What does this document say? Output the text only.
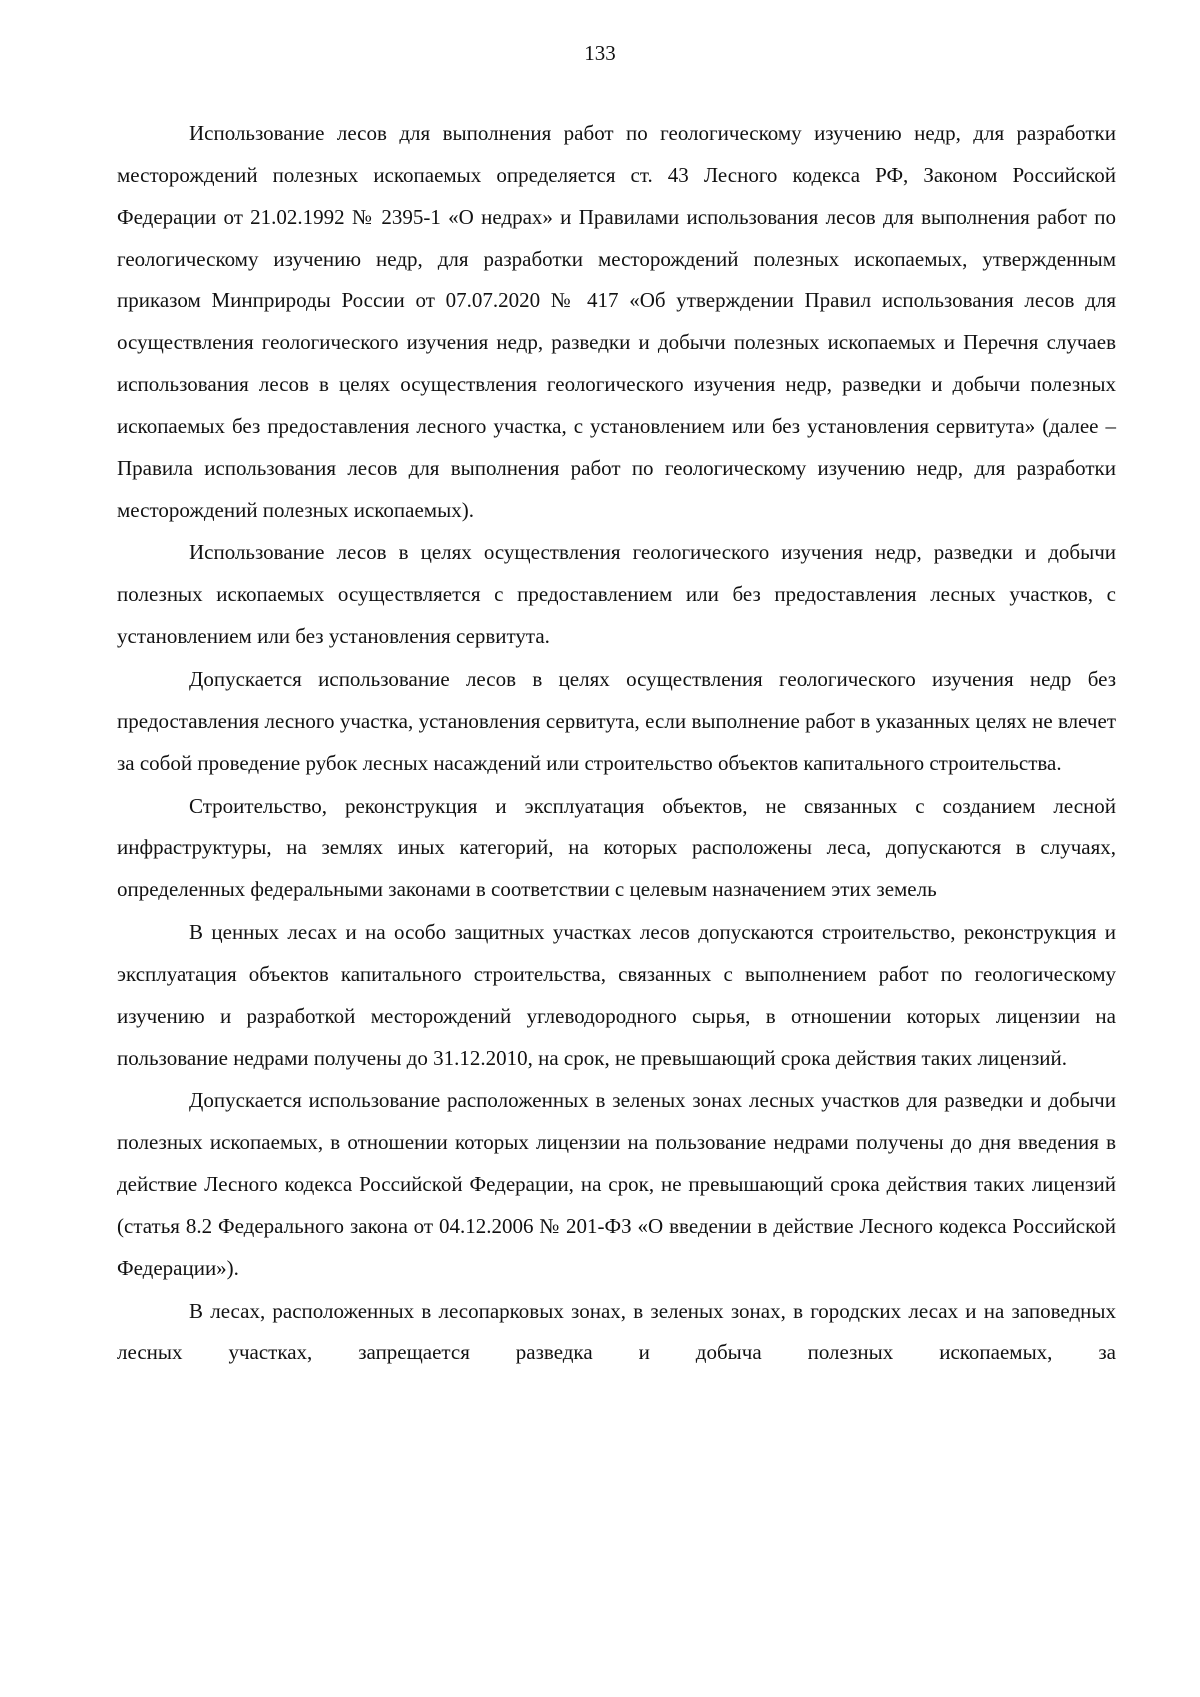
133

Использование лесов для выполнения работ по геологическому изучению недр, для разработки месторождений полезных ископаемых определяется ст. 43 Лесного кодекса РФ, Законом Российской Федерации от 21.02.1992 № 2395-1 «О недрах» и Правилами использования лесов для выполнения работ по геологическому изучению недр, для разработки месторождений полезных ископаемых, утвержденным приказом Минприроды России от 07.07.2020 № 417 «Об утверждении Правил использования лесов для осуществления геологического изучения недр, разведки и добычи полезных ископаемых и Перечня случаев использования лесов в целях осуществления геологического изучения недр, разведки и добычи полезных ископаемых без предоставления лесного участка, с установлением или без установления сервитута» (далее – Правила использования лесов для выполнения работ по геологическому изучению недр, для разработки месторождений полезных ископаемых).

Использование лесов в целях осуществления геологического изучения недр, разведки и добычи полезных ископаемых осуществляется с предоставлением или без предоставления лесных участков, с установлением или без установления сервитута.

Допускается использование лесов в целях осуществления геологического изучения недр без предоставления лесного участка, установления сервитута, если выполнение работ в указанных целях не влечет за собой проведение рубок лесных насаждений или строительство объектов капитального строительства.

Строительство, реконструкция и эксплуатация объектов, не связанных с созданием лесной инфраструктуры, на землях иных категорий, на которых расположены леса, допускаются в случаях, определенных федеральными законами в соответствии с целевым назначением этих земель

В ценных лесах и на особо защитных участках лесов допускаются строительство, реконструкция и эксплуатация объектов капитального строительства, связанных с выполнением работ по геологическому изучению и разработкой месторождений углеводородного сырья, в отношении которых лицензии на пользование недрами получены до 31.12.2010, на срок, не превышающий срока действия таких лицензий.

Допускается использование расположенных в зеленых зонах лесных участков для разведки и добычи полезных ископаемых, в отношении которых лицензии на пользование недрами получены до дня введения в действие Лесного кодекса Российской Федерации, на срок, не превышающий срока действия таких лицензий (статья 8.2 Федерального закона от 04.12.2006 № 201-ФЗ «О введении в действие Лесного кодекса Российской Федерации»).

В лесах, расположенных в лесопарковых зонах, в зеленых зонах, в городских лесах и на заповедных лесных участках, запрещается разведка и добыча полезных ископаемых, за
